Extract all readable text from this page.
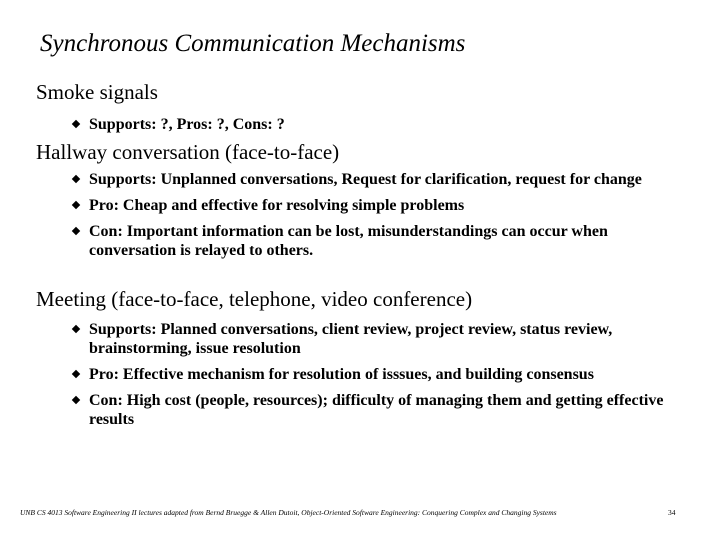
Synchronous Communication Mechanisms
Smoke signals
Supports: ?, Pros: ?, Cons: ?
Hallway conversation (face-to-face)
Supports: Unplanned conversations, Request for clarification, request for change
Pro: Cheap and effective for resolving simple problems
Con: Important information can be lost, misunderstandings can occur when conversation is relayed to others.
Meeting (face-to-face, telephone, video conference)
Supports: Planned conversations, client review, project review, status review, brainstorming, issue resolution
Pro: Effective mechanism for resolution of isssues, and building consensus
Con: High cost (people, resources); difficulty of managing them and getting effective results
UNB CS 4013 Software Engineering II lectures adapted from Bernd Bruegge & Allen Dutoit, Object-Oriented Software Engineering: Conquering Complex and Changing Systems	34
